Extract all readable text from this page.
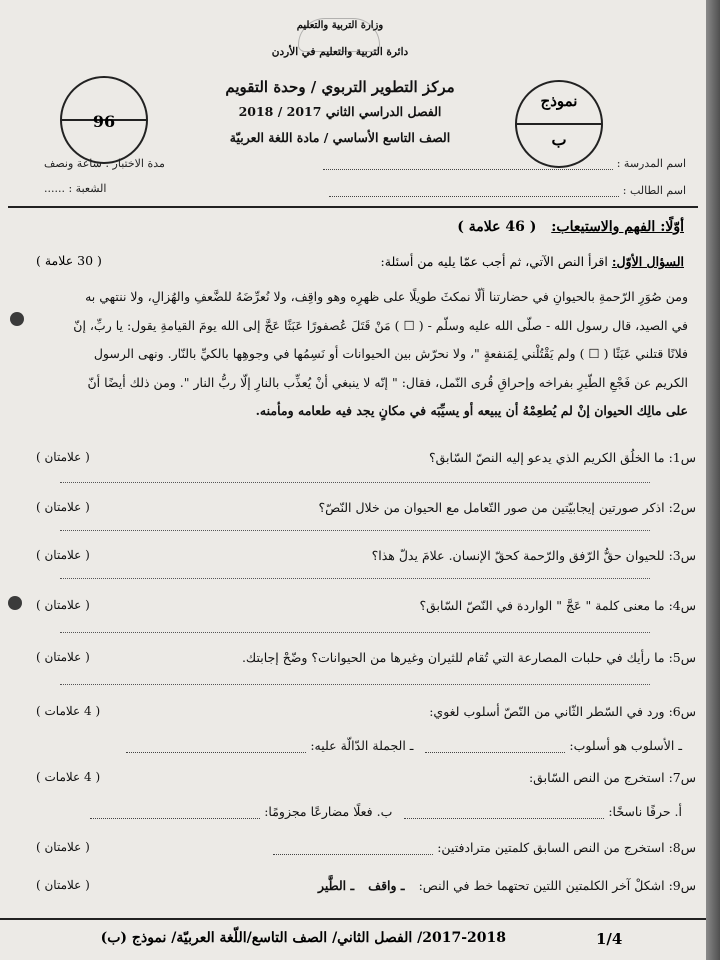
وزارة التربية والتعليم
دائرة التربية والتعليم في الأردن
مركز التطوير التربوي / وحدة التقويم
الفصل الدراسي الثاني 2017 / 2018
الصف التاسع الأساسي / مادة اللغة العربيّة
96
نموذج
ب
اسم المدرسة :
اسم الطالب :
مدة الاختبار : ساعة ونصف
الشعبة : ......
أوّلًا: الفهم والاستيعاب: ( 46 علامة )
السؤال الأوّل: اقرأ النص الآتي، ثم أجب عمّا يليه من أسئلة:
( 30 علامة )
ومن صُوَرِ الرّحمةِ بالحيوانِ في حضارتنا ألّا نمكثَ طويلًا على ظهرِه وهو واقِف، ولا نُعرِّضَهُ للضَّعفِ والهُزالِ، ولا ننتهي به
في الصيد، قال رسول الله - صلّى الله عليه وسلّم - ( ☐ ) مَنْ قَتَلَ عُصفورًا عَبَثًا عَجَّ إلى الله يومَ القيامةِ يقول: يا ربِّ، إنّ
فلانًا قتلني عَبَثًا ( ☐ ) ولم يَقْتُلْني لِمَنفعةٍ "، ولا نحرّش بين الحيوانات أو نَسِمُها في وجوهِها بالكيِّ بالنّار. ونهى الرسول
الكريم عن فَجْعِ الطّيرِ بفراخه وإحراقِ قُرى النّمل، فقال: " إنّه لا ينبغي أنْ يُعذِّب بالنارِ إلّا ربُّ النار ". ومن ذلك أيضًا أنّ
على مالِك الحيوان إنْ لم يُطعِمْهُ أن يبيعه أو يسيِّبَه في مكانٍ يجد فيه طعامه ومأمنه.
س1: ما الخلُق الكريم الذي يدعو إليه النصّ السّابق؟
( علامتان )
س2: اذكر صورتين إيجابيّتين من صور التّعامل مع الحيوان من خلال النّصّ؟
( علامتان )
س3: للحيوان حقُّ الرّفق والرّحمة كحقّ الإنسان. علامَ يدلّ هذا؟
( علامتان )
س4: ما معنى كلمة " عَجَّ " الواردة في النّصّ السّابق؟
( علامتان )
س5: ما رأيك في حلبات المصارعة التي تُقام للثيران وغيرها من الحيوانات؟ وضّحْ إجابتك.
( علامتان )
س6: ورد في السّطر الثّاني من النّصّ أسلوب لغوي:
( 4 علامات )
ـ الأسلوب هو أسلوب:  ـ الجملة الدّالّة عليه:
س7: استخرج من النص السّابق:
( 4 علامات )
أ. حرفًا ناسخًا:  ب. فعلًا مضارعًا مجزومًا:
س8: استخرج من النص السابق كلمتين مترادفتين:
( علامتان )
س9: اشكلْ آخر الكلمتين اللتين تحتهما خط في النص: ـ واقف ـ الطَّير
( علامتان )
2017-2018/ الفصل الثاني/ الصف التاسع/اللّغة العربيّة/ نموذج (ب)	1/4
